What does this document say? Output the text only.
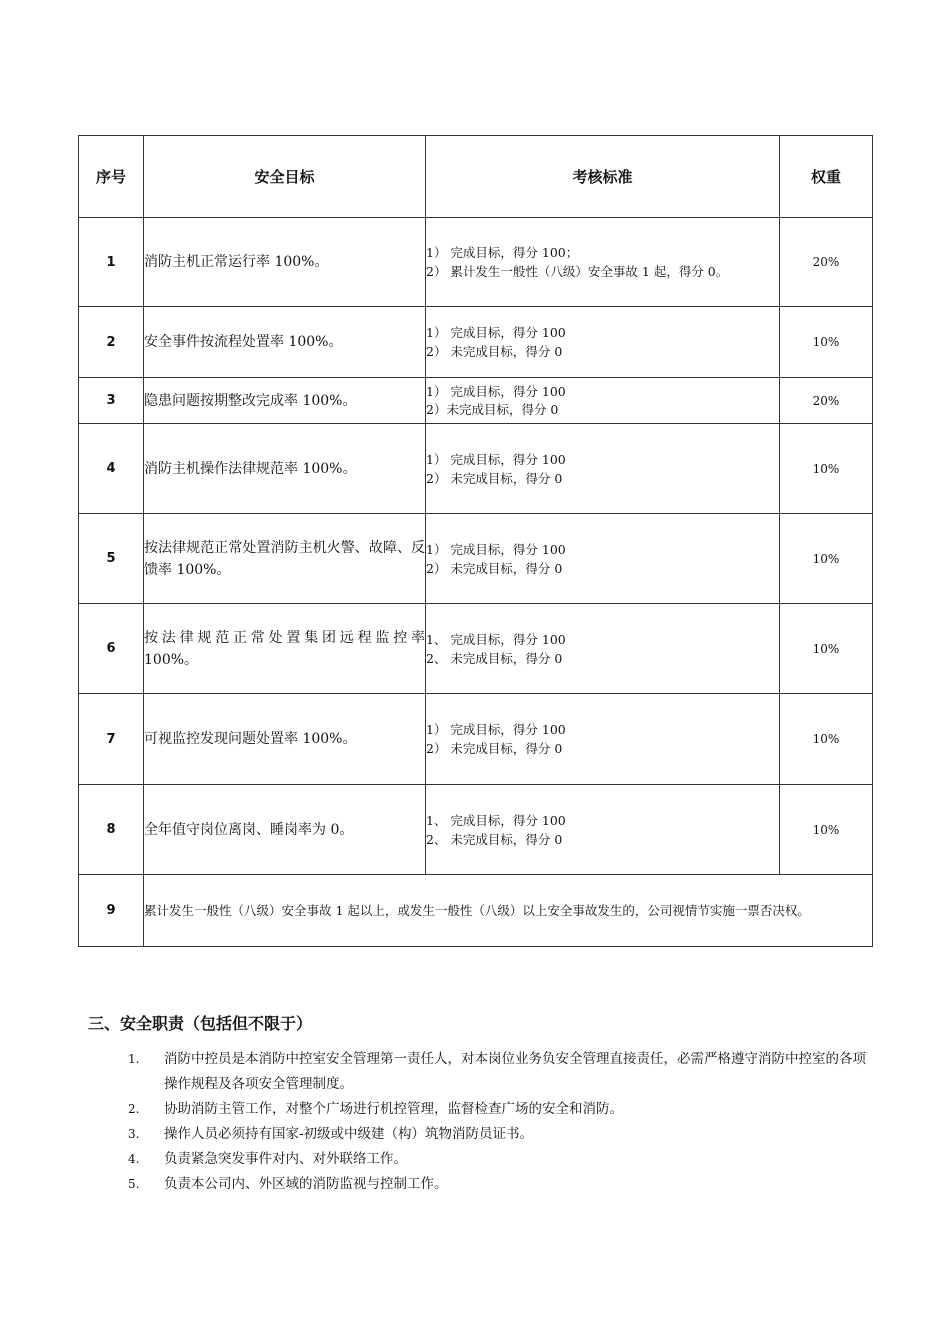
序号	安全目标	考核标准	权重
1	消防主机正常运行率 100%。	1） 完成目标，得分 100；
2） 累计发生一般性（八级）安全事故 1 起，得分 0。	20%
2	安全事件按流程处置率 100%。	1） 完成目标，得分 100
2） 未完成目标，得分 0	10%
3	隐患问题按期整改完成率 100%。	1） 完成目标，得分 100
2）未完成目标，得分 0	20%
4	消防主机操作法律规范率 100%。	1） 完成目标，得分 100
2） 未完成目标，得分 0	10%
5	按法律规范正常处置消防主机火警、故障、反馈率 100%。	1） 完成目标，得分 100
2） 未完成目标，得分 0	10%
6	按法律规范正常处置集团远程监控率 100%。	1、 完成目标，得分 100
2、 未完成目标，得分 0	10%
7	可视监控发现问题处置率 100%。	1） 完成目标，得分 100
2） 未完成目标，得分 0	10%
8	全年值守岗位离岗、睡岗率为 0。	1、 完成目标，得分 100
2、 未完成目标，得分 0	10%
9	累计发生一般性（八级）安全事故 1 起以上，或发生一般性（八级）以上安全事故发生的，公司视情节实施一票否决权。		
三、安全职责（包括但不限于）
1.	消防中控员是本消防中控室安全管理第一责任人，对本岗位业务负安全管理直接责任，必需严格遵守消防中控室的各项操作规程及各项安全管理制度。
2.	协助消防主管工作，对整个广场进行机控管理，监督检查广场的安全和消防。
3.	操作人员必须持有国家-初级或中级建（构）筑物消防员证书。
4.	负责紧急突发事件对内、对外联络工作。
5.	负责本公司内、外区域的消防监视与控制工作。
